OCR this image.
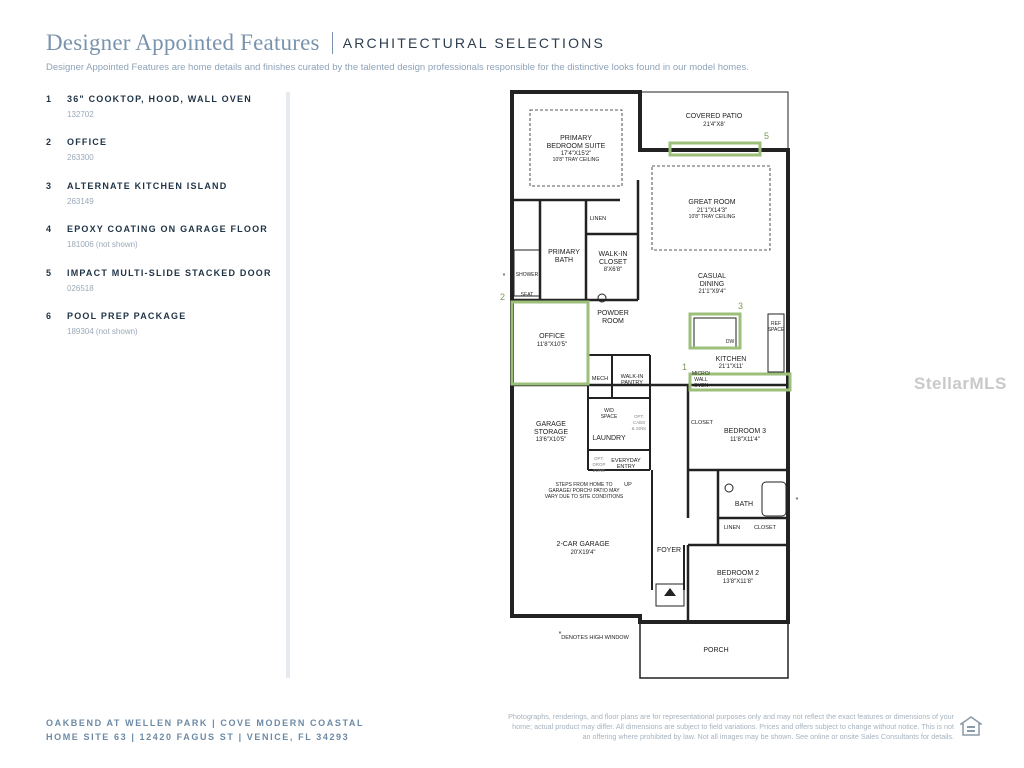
Designer Appointed Features ARCHITECTURAL SELECTIONS
Designer Appointed Features are home details and finishes curated by the talented design professionals responsible for the distinctive looks found in our model homes.
1 36" COOKTOP, HOOD, WALL OVEN
132702
2 OFFICE
263300
3 ALTERNATE KITCHEN ISLAND
263149
4 EPOXY COATING ON GARAGE FLOOR
181006 (not shown)
5 IMPACT MULTI-SLIDE STACKED DOOR
026518
6 POOL PREP PACKAGE
189304 (not shown)
5
3
2
1
COVERED PATIO
21'4"X8'
PRIMARY
BEDROOM SUITE
17'4"X15'2"
10'8" TRAY CEILING
GREAT ROOM
21'1"X14'3"
10'8" TRAY CEILING
LINEN
PRIMARY
BATH
WALK-IN
CLOSET
8'X6'8"
SHOWER
SEAT
*	CASUAL
DINING
21'1"X9'4"
POWDER
ROOM	REF
SPACE
DW
OFFICE
11'8"X10'5"
KITCHEN
21'1"X11'
MICRO/
WALL
OVEN
MECH WALK-IN
PANTRY
W/D
SPACE	OPT.
CABS
& SINK
LAUNDRY
GARAGE
STORAGE
13'6"X10'5"
CLOSET
BEDROOM 3
11'8"X11'4"
OPT.
DROP
ZONE
EVERYDAY
ENTRY
UP
STEPS FROM HOME TO
GARAGE/ PORCH/ PATIO MAY
VARY DUE TO SITE CONDITIONS
BATH
*
LINEN	CLOSET
2-CAR GARAGE
20'X19'4"	FOYER
BEDROOM 2
13'8"X11'8"
PORCH
* DENOTES HIGH WINDOW
StellarMLS
OAKBEND AT WELLEN PARK | COVE MODERN COASTAL
HOME SITE 63 | 12420 FAGUS ST | VENICE, FL 34293
Photographs, renderings, and floor plans are for representational purposes only and may not reflect the exact features or dimensions of your home; actual product may differ. All dimensions are subject to field variations. Prices and offers subject to change without notice. This is not an offering where prohibited by law. Not all images may be shown. See online or onsite Sales Consultants for details.
